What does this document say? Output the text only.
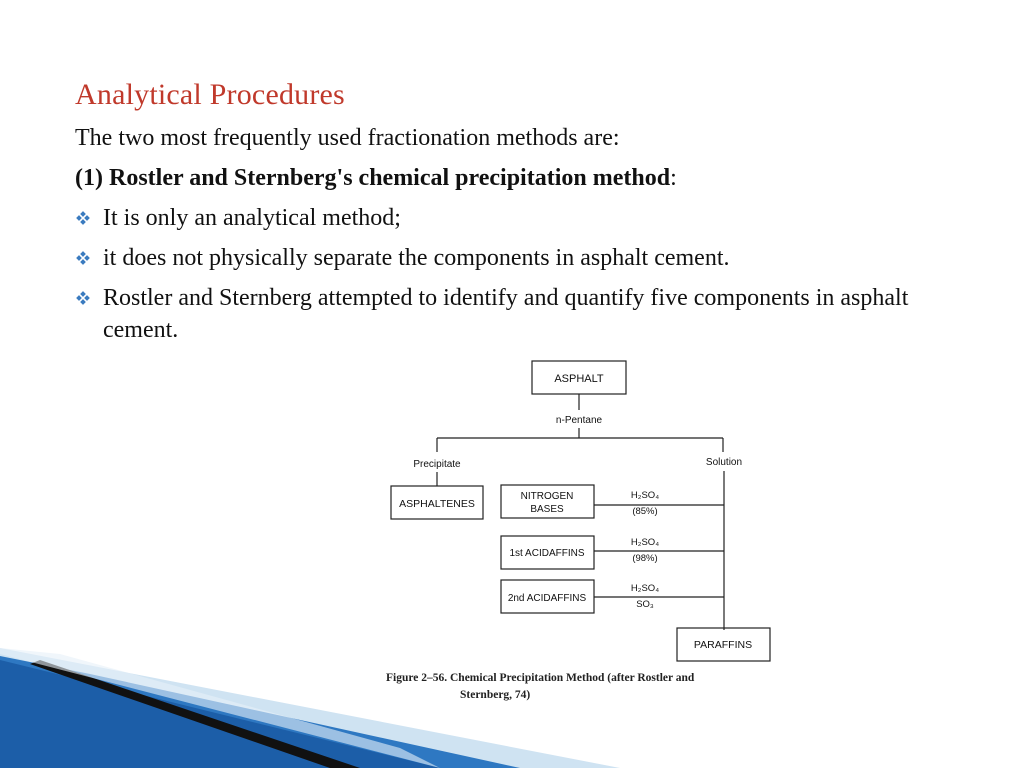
Analytical Procedures
The two most frequently used fractionation methods are:
(1) Rostler and Sternberg's chemical precipitation method:
It is only an analytical method;
it does not physically separate the components in asphalt cement.
Rostler and Sternberg attempted to identify and quantify five components in asphalt cement.
ASPHALT
n-Pentane
Precipitate	Solution
ASPHALTENES
NITROGEN
BASES
H₂SO₄
(85%)
1st ACIDAFFINS
H₂SO₄
(98%)
2nd ACIDAFFINS
H₂SO₄
SO₃
PARAFFINS
Figure 2–56. Chemical Precipitation Method (after Rostler and
Sternberg, 74)
